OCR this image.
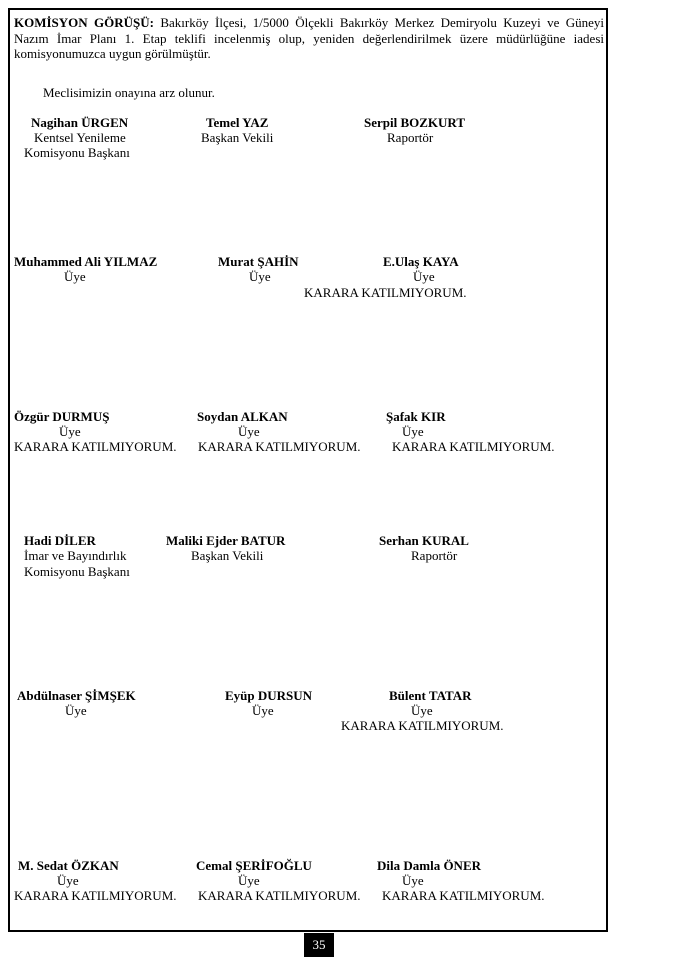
KOMİSYON GÖRÜŞÜ: Bakırköy İlçesi, 1/5000 Ölçekli Bakırköy Merkez Demiryolu Kuzeyi ve Güneyi Nazım İmar Planı 1. Etap teklifi incelenmiş olup, yeniden değerlendirilmek üzere müdürlüğüne iadesi komisyonumuzca uygun görülmüştür.
Meclisimizin onayına arz olunur.
Nagihan ÜRGEN
Kentsel Yenileme
Komisyonu Başkanı
Temel YAZ
Başkan Vekili
Serpil BOZKURT
Raportör
Muhammed Ali YILMAZ
Üye
Murat ŞAHİN
Üye
E.Ulaş KAYA
Üye
KARARA KATILMIYORUM.
Özgür DURMUŞ
Üye
KARARA KATILMIYORUM.
Soydan ALKAN
Üye
KARARA KATILMIYORUM.
Şafak KIR
Üye
KARARA KATILMIYORUM.
Hadi DİLER
İmar ve Bayındırlık
Komisyonu Başkanı
Maliki Ejder BATUR
Başkan Vekili
Serhan KURAL
Raportör
Abdülnaser ŞİMŞEK
Üye
Eyüp DURSUN
Üye
Bülent TATAR
Üye
KARARA KATILMIYORUM.
M. Sedat ÖZKAN
Üye
KARARA KATILMIYORUM.
Cemal ŞERİFOĞLU
Üye
KARARA KATILMIYORUM.
Dila Damla ÖNER
Üye
KARARA KATILMIYORUM.
35
